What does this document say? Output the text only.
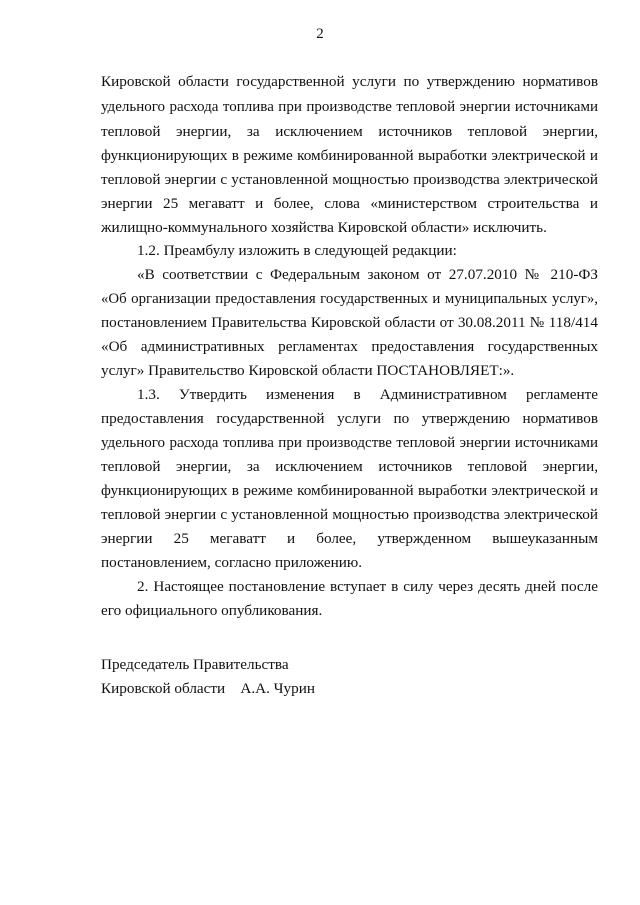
2
Кировской области государственной услуги по утверждению нормативов
удельного расхода топлива при производстве тепловой энергии источниками
тепловой энергии, за исключением источников тепловой энергии,
функционирующих в режиме комбинированной выработки электрической и
тепловой энергии с установленной мощностью производства электрической
энергии 25 мегаватт и более, слова «министерством строительства и
жилищно-коммунального хозяйства Кировской области» исключить.
1.2. Преамбулу изложить в следующей редакции:
«В соответствии с Федеральным законом от 27.07.2010 № 210-ФЗ
«Об организации предоставления государственных и муниципальных услуг»,
постановлением Правительства Кировской области от 30.08.2011 № 118/414
«Об административных регламентах предоставления государственных
услуг» Правительство Кировской области ПОСТАНОВЛЯЕТ:».
1.3. Утвердить изменения в Административном регламенте
предоставления государственной услуги по утверждению нормативов
удельного расхода топлива при производстве тепловой энергии источниками
тепловой энергии, за исключением источников тепловой энергии,
функционирующих в режиме комбинированной выработки электрической и
тепловой энергии с установленной мощностью производства электрической
энергии 25 мегаватт и более, утвержденном вышеуказанным
постановлением, согласно приложению.
2. Настоящее постановление вступает в силу через десять дней после
его официального опубликования.
Председатель Правительства
Кировской области    А.А. Чурин
